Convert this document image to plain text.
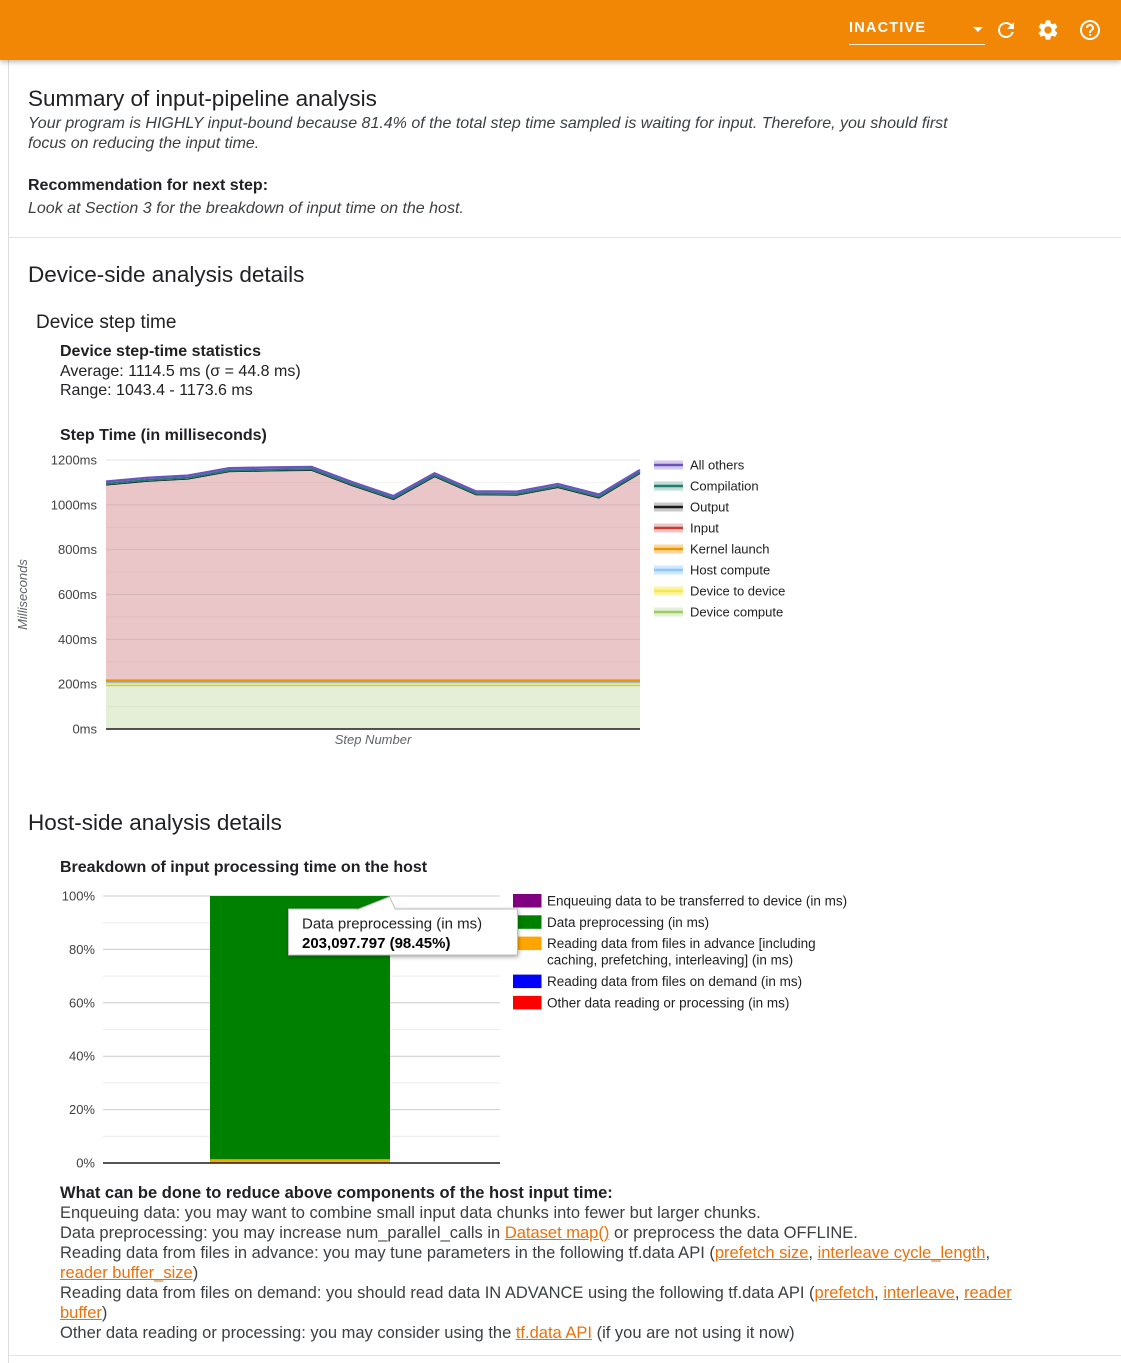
INACTIVE
Summary of input-pipeline analysis
Your program is HIGHLY input-bound because 81.4% of the total step time sampled is waiting for input. Therefore, you should first
focus on reducing the input time.
Recommendation for next step:
Look at Section 3 for the breakdown of input time on the host.
Device-side analysis details
Device step time
Device step-time statistics
Average: 1114.5 ms (σ = 44.8 ms)
Range: 1043.4 - 1173.6 ms
Step Time (in milliseconds)
0ms
200ms
400ms
600ms
800ms
1000ms
1200ms
Step Number
Milliseconds
All others
Compilation
Output
Input
Kernel launch
Host compute
Device to device
Device compute
Host-side analysis details
Breakdown of input processing time on the host
0%
20%
40%
60%
80%
100%	Enqueuing data to be transferred to device (in ms)
Data preprocessing (in ms)
Reading data from files in advance [including
caching, prefetching, interleaving] (in ms)
Reading data from files on demand (in ms)
Other data reading or processing (in ms)
Data preprocessing (in ms)
203,097.797 (98.45%)
What can be done to reduce above components of the host input time:
Enqueuing data: you may want to combine small input data chunks into fewer but larger chunks.
Data preprocessing: you may increase num_parallel_calls in Dataset map() or preprocess the data OFFLINE.
Reading data from files in advance: you may tune parameters in the following tf.data API (prefetch size, interleave cycle_length,
reader buffer_size)
Reading data from files on demand: you should read data IN ADVANCE using the following tf.data API (prefetch, interleave, reader
buffer)
Other data reading or processing: you may consider using the tf.data API (if you are not using it now)
